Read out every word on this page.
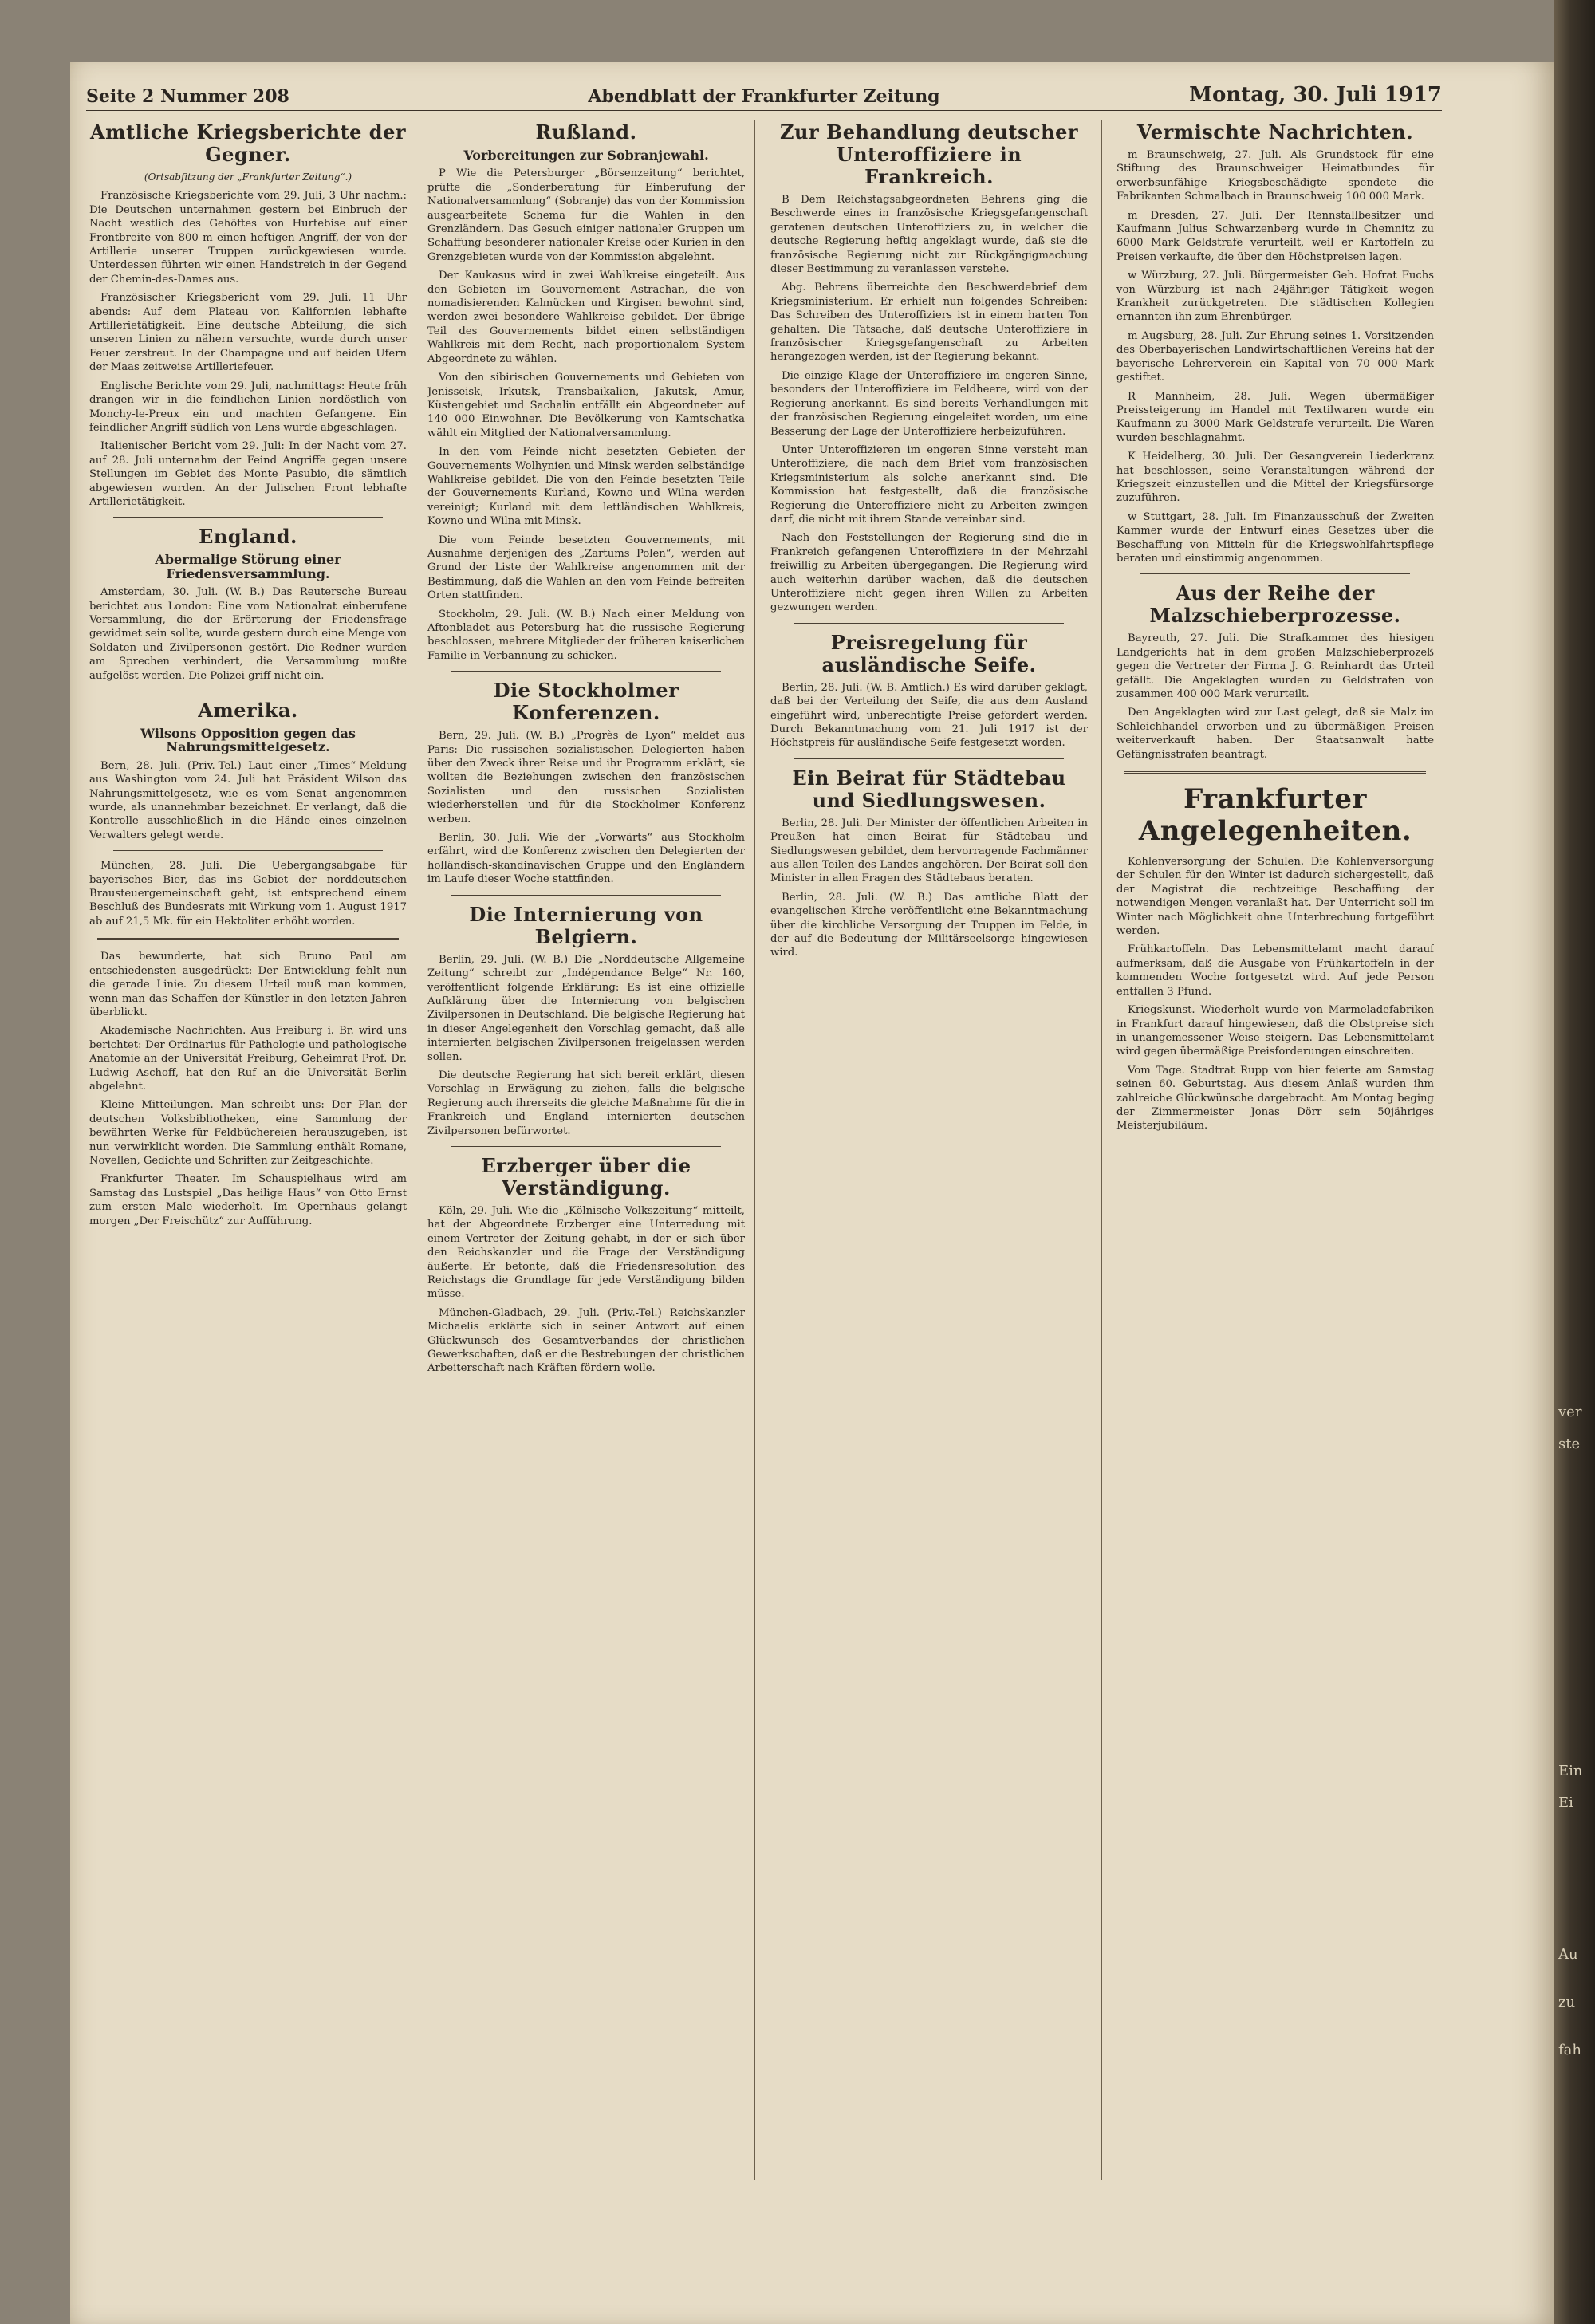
ver
ste
Ein
Ei
Au
zu
fah
Seite 2 Nummer 208	Abendblatt der Frankfurter Zeitung	Montag, 30. Juli 1917
Amtliche Kriegsberichte der Gegner.
(Ortsabfitzung der „Frankfurter Zeitung“.)

Französische Kriegsberichte vom 29. Juli, 3 Uhr nachm.: Die Deutschen unternahmen gestern bei Einbruch der Nacht westlich des Gehöftes von Hurtebise auf einer Frontbreite von 800 m einen heftigen Angriff, der von der Artillerie unserer Truppen zurückgewiesen wurde. Unterdessen führten wir einen Handstreich in der Gegend der Chemin-des-Dames aus.

Französischer Kriegsbericht vom 29. Juli, 11 Uhr abends: Auf dem Plateau von Kalifornien lebhafte Artillerietätigkeit. Eine deutsche Abteilung, die sich unseren Linien zu nähern versuchte, wurde durch unser Feuer zerstreut. In der Champagne und auf beiden Ufern der Maas zeitweise Artilleriefeuer.

Englische Berichte vom 29. Juli, nachmittags: Heute früh drangen wir in die feindlichen Linien nordöstlich von Monchy-le-Preux ein und machten Gefangene. Ein feindlicher Angriff südlich von Lens wurde abgeschlagen.

Italienischer Bericht vom 29. Juli: In der Nacht vom 27. auf 28. Juli unternahm der Feind Angriffe gegen unsere Stellungen im Gebiet des Monte Pasubio, die sämtlich abgewiesen wurden. An der Julischen Front lebhafte Artillerietätigkeit.

England.
Abermalige Störung einer Friedensversammlung.

Amsterdam, 30. Juli. (W. B.) Das Reutersche Bureau berichtet aus London: Eine vom Nationalrat einberufene Versammlung, die der Erörterung der Friedensfrage gewidmet sein sollte, wurde gestern durch eine Menge von Soldaten und Zivilpersonen gestört. Die Redner wurden am Sprechen verhindert, die Versammlung mußte aufgelöst werden. Die Polizei griff nicht ein.

Amerika.
Wilsons Opposition gegen das Nahrungsmittelgesetz.

Bern, 28. Juli. (Priv.-Tel.) Laut einer „Times“-Meldung aus Washington vom 24. Juli hat Präsident Wilson das Nahrungsmittelgesetz, wie es vom Senat angenommen wurde, als unannehmbar bezeichnet. Er verlangt, daß die Kontrolle ausschließlich in die Hände eines einzelnen Verwalters gelegt werde.

München, 28. Juli. Die Uebergangsabgabe für bayerisches Bier, das ins Gebiet der norddeutschen Brausteuergemeinschaft geht, ist entsprechend einem Beschluß des Bundesrats mit Wirkung vom 1. August 1917 ab auf 21,5 Mk. für ein Hektoliter erhöht worden.

Das bewunderte, hat sich Bruno Paul am entschiedensten ausgedrückt: Der Entwicklung fehlt nun die gerade Linie. Zu diesem Urteil muß man kommen, wenn man das Schaffen der Künstler in den letzten Jahren überblickt.

Akademische Nachrichten. Aus Freiburg i. Br. wird uns berichtet: Der Ordinarius für Pathologie und pathologische Anatomie an der Universität Freiburg, Geheimrat Prof. Dr. Ludwig Aschoff, hat den Ruf an die Universität Berlin abgelehnt.

Kleine Mitteilungen. Man schreibt uns: Der Plan der deutschen Volksbibliotheken, eine Sammlung der bewährten Werke für Feldbüchereien herauszugeben, ist nun verwirklicht worden. Die Sammlung enthält Romane, Novellen, Gedichte und Schriften zur Zeitgeschichte.

Frankfurter Theater. Im Schauspielhaus wird am Samstag das Lustspiel „Das heilige Haus“ von Otto Ernst zum ersten Male wiederholt. Im Opernhaus gelangt morgen „Der Freischütz“ zur Aufführung.

Rußland.
Vorbereitungen zur Sobranjewahl.

P Wie die Petersburger „Börsenzeitung“ berichtet, prüfte die „Sonderberatung für Einberufung der Nationalversammlung“ (Sobranje) das von der Kommission ausgearbeitete Schema für die Wahlen in den Grenzländern. Das Gesuch einiger nationaler Gruppen um Schaffung besonderer nationaler Kreise oder Kurien in den Grenzgebieten wurde von der Kommission abgelehnt.

Der Kaukasus wird in zwei Wahlkreise eingeteilt. Aus den Gebieten im Gouvernement Astrachan, die von nomadisierenden Kalmücken und Kirgisen bewohnt sind, werden zwei besondere Wahlkreise gebildet. Der übrige Teil des Gouvernements bildet einen selbständigen Wahlkreis mit dem Recht, nach proportionalem System Abgeordnete zu wählen.

Von den sibirischen Gouvernements und Gebieten von Jenisseisk, Irkutsk, Transbaikalien, Jakutsk, Amur, Küstengebiet und Sachalin entfällt ein Abgeordneter auf 140 000 Einwohner. Die Bevölkerung von Kamtschatka wählt ein Mitglied der Nationalversammlung.

In den vom Feinde nicht besetzten Gebieten der Gouvernements Wolhynien und Minsk werden selbständige Wahlkreise gebildet. Die von den Feinde besetzten Teile der Gouvernements Kurland, Kowno und Wilna werden vereinigt; Kurland mit dem lettländischen Wahlkreis, Kowno und Wilna mit Minsk.

Die vom Feinde besetzten Gouvernements, mit Ausnahme derjenigen des „Zartums Polen“, werden auf Grund der Liste der Wahlkreise angenommen mit der Bestimmung, daß die Wahlen an den vom Feinde befreiten Orten stattfinden.

Stockholm, 29. Juli. (W. B.) Nach einer Meldung von Aftonbladet aus Petersburg hat die russische Regierung beschlossen, mehrere Mitglieder der früheren kaiserlichen Familie in Verbannung zu schicken.

Die Stockholmer Konferenzen.

Bern, 29. Juli. (W. B.) „Progrès de Lyon“ meldet aus Paris: Die russischen sozialistischen Delegierten haben über den Zweck ihrer Reise und ihr Programm erklärt, sie wollten die Beziehungen zwischen den französischen Sozialisten und den russischen Sozialisten wiederherstellen und für die Stockholmer Konferenz werben.

Berlin, 30. Juli. Wie der „Vorwärts“ aus Stockholm erfährt, wird die Konferenz zwischen den Delegierten der holländisch-skandinavischen Gruppe und den Engländern im Laufe dieser Woche stattfinden.

Die Internierung von Belgiern.

Berlin, 29. Juli. (W. B.) Die „Norddeutsche Allgemeine Zeitung“ schreibt zur „Indépendance Belge“ Nr. 160, veröffentlicht folgende Erklärung: Es ist eine offizielle Aufklärung über die Internierung von belgischen Zivilpersonen in Deutschland. Die belgische Regierung hat in dieser Angelegenheit den Vorschlag gemacht, daß alle internierten belgischen Zivilpersonen freigelassen werden sollen.

Die deutsche Regierung hat sich bereit erklärt, diesen Vorschlag in Erwägung zu ziehen, falls die belgische Regierung auch ihrerseits die gleiche Maßnahme für die in Frankreich und England internierten deutschen Zivilpersonen befürwortet.

Erzberger über die Verständigung.

Köln, 29. Juli. Wie die „Kölnische Volkszeitung“ mitteilt, hat der Abgeordnete Erzberger eine Unterredung mit einem Vertreter der Zeitung gehabt, in der er sich über den Reichskanzler und die Frage der Verständigung äußerte. Er betonte, daß die Friedensresolution des Reichstags die Grundlage für jede Verständigung bilden müsse.

München-Gladbach, 29. Juli. (Priv.-Tel.) Reichskanzler Michaelis erklärte sich in seiner Antwort auf einen Glückwunsch des Gesamtverbandes der christlichen Gewerkschaften, daß er die Bestrebungen der christlichen Arbeiterschaft nach Kräften fördern wolle.

Zur Behandlung deutscher Unteroffiziere in Frankreich.

B Dem Reichstagsabgeordneten Behrens ging die Beschwerde eines in französische Kriegsgefangenschaft geratenen deutschen Unteroffiziers zu, in welcher die deutsche Regierung heftig angeklagt wurde, daß sie die französische Regierung nicht zur Rückgängigmachung dieser Bestimmung zu veranlassen verstehe.

Abg. Behrens überreichte den Beschwerdebrief dem Kriegsministerium. Er erhielt nun folgendes Schreiben: Das Schreiben des Unteroffiziers ist in einem harten Ton gehalten. Die Tatsache, daß deutsche Unteroffiziere in französischer Kriegsgefangenschaft zu Arbeiten herangezogen werden, ist der Regierung bekannt.

Die einzige Klage der Unteroffiziere im engeren Sinne, besonders der Unteroffiziere im Feldheere, wird von der Regierung anerkannt. Es sind bereits Verhandlungen mit der französischen Regierung eingeleitet worden, um eine Besserung der Lage der Unteroffiziere herbeizuführen.

Unter Unteroffizieren im engeren Sinne versteht man Unteroffiziere, die nach dem Brief vom französischen Kriegsministerium als solche anerkannt sind. Die Kommission hat festgestellt, daß die französische Regierung die Unteroffiziere nicht zu Arbeiten zwingen darf, die nicht mit ihrem Stande vereinbar sind.

Nach den Feststellungen der Regierung sind die in Frankreich gefangenen Unteroffiziere in der Mehrzahl freiwillig zu Arbeiten übergegangen. Die Regierung wird auch weiterhin darüber wachen, daß die deutschen Unteroffiziere nicht gegen ihren Willen zu Arbeiten gezwungen werden.

Preisregelung für ausländische Seife.

Berlin, 28. Juli. (W. B. Amtlich.) Es wird darüber geklagt, daß bei der Verteilung der Seife, die aus dem Ausland eingeführt wird, unberechtigte Preise gefordert werden. Durch Bekanntmachung vom 21. Juli 1917 ist der Höchstpreis für ausländische Seife festgesetzt worden.

Ein Beirat für Städtebau und Siedlungswesen.

Berlin, 28. Juli. Der Minister der öffentlichen Arbeiten in Preußen hat einen Beirat für Städtebau und Siedlungswesen gebildet, dem hervorragende Fachmänner aus allen Teilen des Landes angehören. Der Beirat soll den Minister in allen Fragen des Städtebaus beraten.

Berlin, 28. Juli. (W. B.) Das amtliche Blatt der evangelischen Kirche veröffentlicht eine Bekanntmachung über die kirchliche Versorgung der Truppen im Felde, in der auf die Bedeutung der Militärseelsorge hingewiesen wird.

Vermischte Nachrichten.

m Braunschweig, 27. Juli. Als Grundstock für eine Stiftung des Braunschweiger Heimatbundes für erwerbsunfähige Kriegsbeschädigte spendete die Fabrikanten Schmalbach in Braunschweig 100 000 Mark.

m Dresden, 27. Juli. Der Rennstallbesitzer und Kaufmann Julius Schwarzenberg wurde in Chemnitz zu 6000 Mark Geldstrafe verurteilt, weil er Kartoffeln zu Preisen verkaufte, die über den Höchstpreisen lagen.

w Würzburg, 27. Juli. Bürgermeister Geh. Hofrat Fuchs von Würzburg ist nach 24jähriger Tätigkeit wegen Krankheit zurückgetreten. Die städtischen Kollegien ernannten ihn zum Ehrenbürger.

m Augsburg, 28. Juli. Zur Ehrung seines 1. Vorsitzenden des Oberbayerischen Landwirtschaftlichen Vereins hat der bayerische Lehrerverein ein Kapital von 70 000 Mark gestiftet.

R Mannheim, 28. Juli. Wegen übermäßiger Preissteigerung im Handel mit Textilwaren wurde ein Kaufmann zu 3000 Mark Geldstrafe verurteilt. Die Waren wurden beschlagnahmt.

K Heidelberg, 30. Juli. Der Gesangverein Liederkranz hat beschlossen, seine Veranstaltungen während der Kriegszeit einzustellen und die Mittel der Kriegsfürsorge zuzuführen.

w Stuttgart, 28. Juli. Im Finanzausschuß der Zweiten Kammer wurde der Entwurf eines Gesetzes über die Beschaffung von Mitteln für die Kriegswohlfahrtspflege beraten und einstimmig angenommen.

Aus der Reihe der Malzschieberprozesse.

Bayreuth, 27. Juli. Die Strafkammer des hiesigen Landgerichts hat in dem großen Malzschieberprozeß gegen die Vertreter der Firma J. G. Reinhardt das Urteil gefällt. Die Angeklagten wurden zu Geldstrafen von zusammen 400 000 Mark verurteilt.

Den Angeklagten wird zur Last gelegt, daß sie Malz im Schleichhandel erworben und zu übermäßigen Preisen weiterverkauft haben. Der Staatsanwalt hatte Gefängnisstrafen beantragt.

Frankfurter Angelegenheiten.

Kohlenversorgung der Schulen. Die Kohlenversorgung der Schulen für den Winter ist dadurch sichergestellt, daß der Magistrat die rechtzeitige Beschaffung der notwendigen Mengen veranlaßt hat. Der Unterricht soll im Winter nach Möglichkeit ohne Unterbrechung fortgeführt werden.

Frühkartoffeln. Das Lebensmittelamt macht darauf aufmerksam, daß die Ausgabe von Frühkartoffeln in der kommenden Woche fortgesetzt wird. Auf jede Person entfallen 3 Pfund.

Kriegskunst. Wiederholt wurde von Marmeladefabriken in Frankfurt darauf hingewiesen, daß die Obstpreise sich in unangemessener Weise steigern. Das Lebensmittelamt wird gegen übermäßige Preisforderungen einschreiten.

Vom Tage. Stadtrat Rupp von hier feierte am Samstag seinen 60. Geburtstag. Aus diesem Anlaß wurden ihm zahlreiche Glückwünsche dargebracht. Am Montag beging der Zimmermeister Jonas Dörr sein 50jähriges Meisterjubiläum.
